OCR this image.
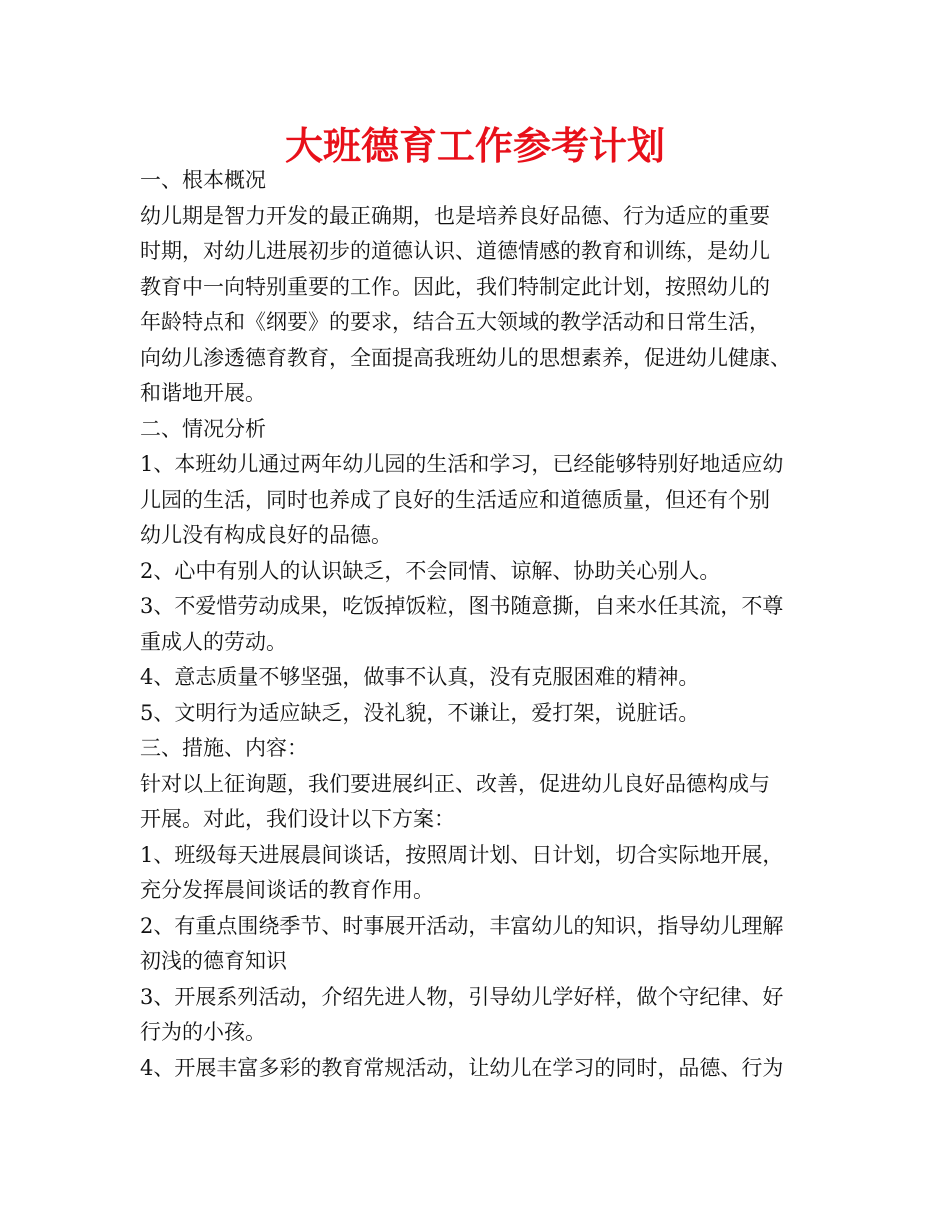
大班德育工作参考计划
一、根本概况
幼儿期是智力开发的最正确期，也是培养良好品德、行为适应的重要
时期，对幼儿进展初步的道德认识、道德情感的教育和训练，是幼儿
教育中一向特别重要的工作。因此，我们特制定此计划，按照幼儿的
年龄特点和《纲要》的要求，结合五大领域的教学活动和日常生活，
向幼儿渗透德育教育，全面提高我班幼儿的思想素养，促进幼儿健康、
和谐地开展。
二、情况分析
1、本班幼儿通过两年幼儿园的生活和学习，已经能够特别好地适应幼
儿园的生活，同时也养成了良好的生活适应和道德质量，但还有个别
幼儿没有构成良好的品德。
2、心中有别人的认识缺乏，不会同情、谅解、协助关心别人。
3、不爱惜劳动成果，吃饭掉饭粒，图书随意撕，自来水任其流，不尊
重成人的劳动。
4、意志质量不够坚强，做事不认真，没有克服困难的精神。
5、文明行为适应缺乏，没礼貌，不谦让，爱打架，说脏话。
三、措施、内容：
针对以上征询题，我们要进展纠正、改善，促进幼儿良好品德构成与
开展。对此，我们设计以下方案：
1、班级每天进展晨间谈话，按照周计划、日计划，切合实际地开展，
充分发挥晨间谈话的教育作用。
2、有重点围绕季节、时事展开活动，丰富幼儿的知识，指导幼儿理解
初浅的德育知识
3、开展系列活动，介绍先进人物，引导幼儿学好样，做个守纪律、好
行为的小孩。
4、开展丰富多彩的教育常规活动，让幼儿在学习的同时，品德、行为
